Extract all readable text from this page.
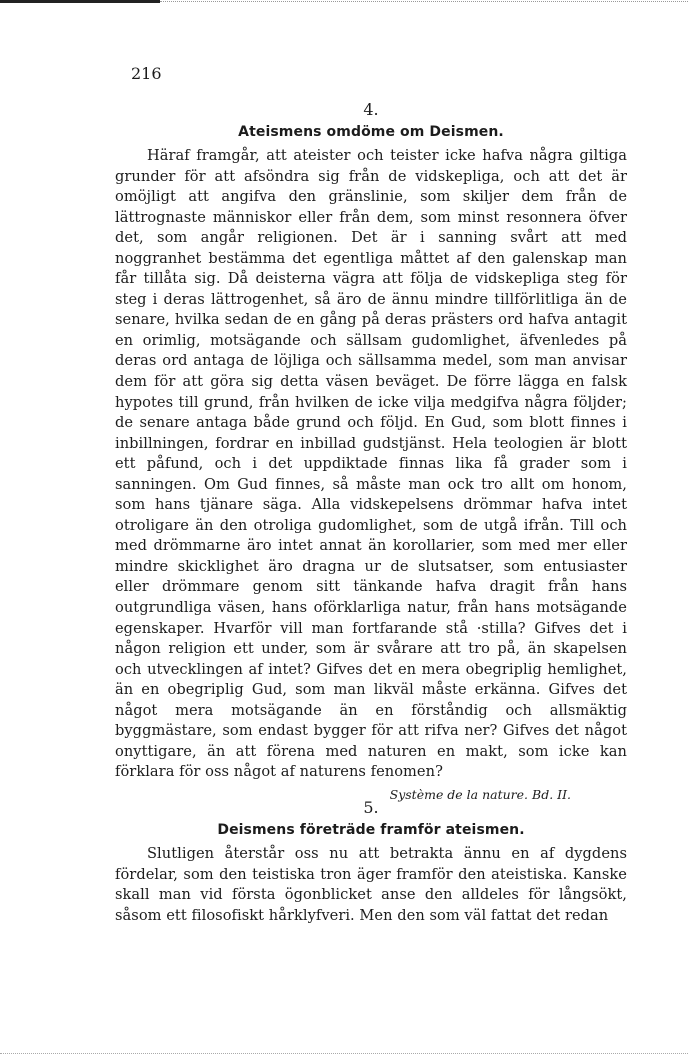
216

4.

Ateismens omdöme om Deismen.

Häraf framgår, att ateister och teister icke hafva några giltiga grunder för att afsöndra sig från de vidskepliga, och att det är omöjligt att angifva den gränslinie, som skiljer dem från de lättrognaste människor eller från dem, som minst resonnera öfver det, som angår religionen. Det är i sanning svårt att med noggranhet bestämma det egentliga måttet af den galenskap man får tillåta sig. Då deisterna vägra att följa de vidskepliga steg för steg i deras lättrogenhet, så äro de ännu mindre tillförlitliga än de senare, hvilka sedan de en gång på deras prästers ord hafva antagit en orimlig, motsägande och sällsam gudomlighet, äfvenledes på deras ord antaga de löjliga och sällsamma medel, som man anvisar dem för att göra sig detta väsen beväget. De förre lägga en falsk hypotes till grund, från hvilken de icke vilja medgifva några följder; de senare antaga både grund och följd. En Gud, som blott finnes i inbillningen, fordrar en inbillad gudstjänst. Hela teologien är blott ett påfund, och i det uppdiktade finnas lika få grader som i sanningen. Om Gud finnes, så måste man ock tro allt om honom, som hans tjänare säga. Alla vidskepelsens drömmar hafva intet otroligare än den otroliga gudomlighet, som de utgå ifrån. Till och med drömmarne äro intet annat än korollarier, som med mer eller mindre skicklighet äro dragna ur de slutsatser, som entusiaster eller drömmare genom sitt tänkande hafva dragit från hans outgrundliga väsen, hans oförklarliga natur, från hans motsägande egenskaper. Hvarför vill man fortfarande stå ·stilla? Gifves det i någon religion ett under, som är svårare att tro på, än skapelsen och utvecklingen af intet? Gifves det en mera obegriplig hemlighet, än en obegriplig Gud, som man likväl måste erkänna. Gifves det något mera motsägande än en förståndig och allsmäktig byggmästare, som endast bygger för att rifva ner? Gifves det något onyttigare, än att förena med naturen en makt, som icke kan förklara för oss något af naturens fenomen?

Système de la nature. Bd. II.

5.

Deismens företräde framför ateismen.

Slutligen återstår oss nu att betrakta ännu en af dygdens fördelar, som den teistiska tron äger framför den ateistiska. Kanske skall man vid första ögonblicket anse den alldeles för långsökt, såsom ett filosofiskt hårklyfveri. Men den som väl fattat det redan
